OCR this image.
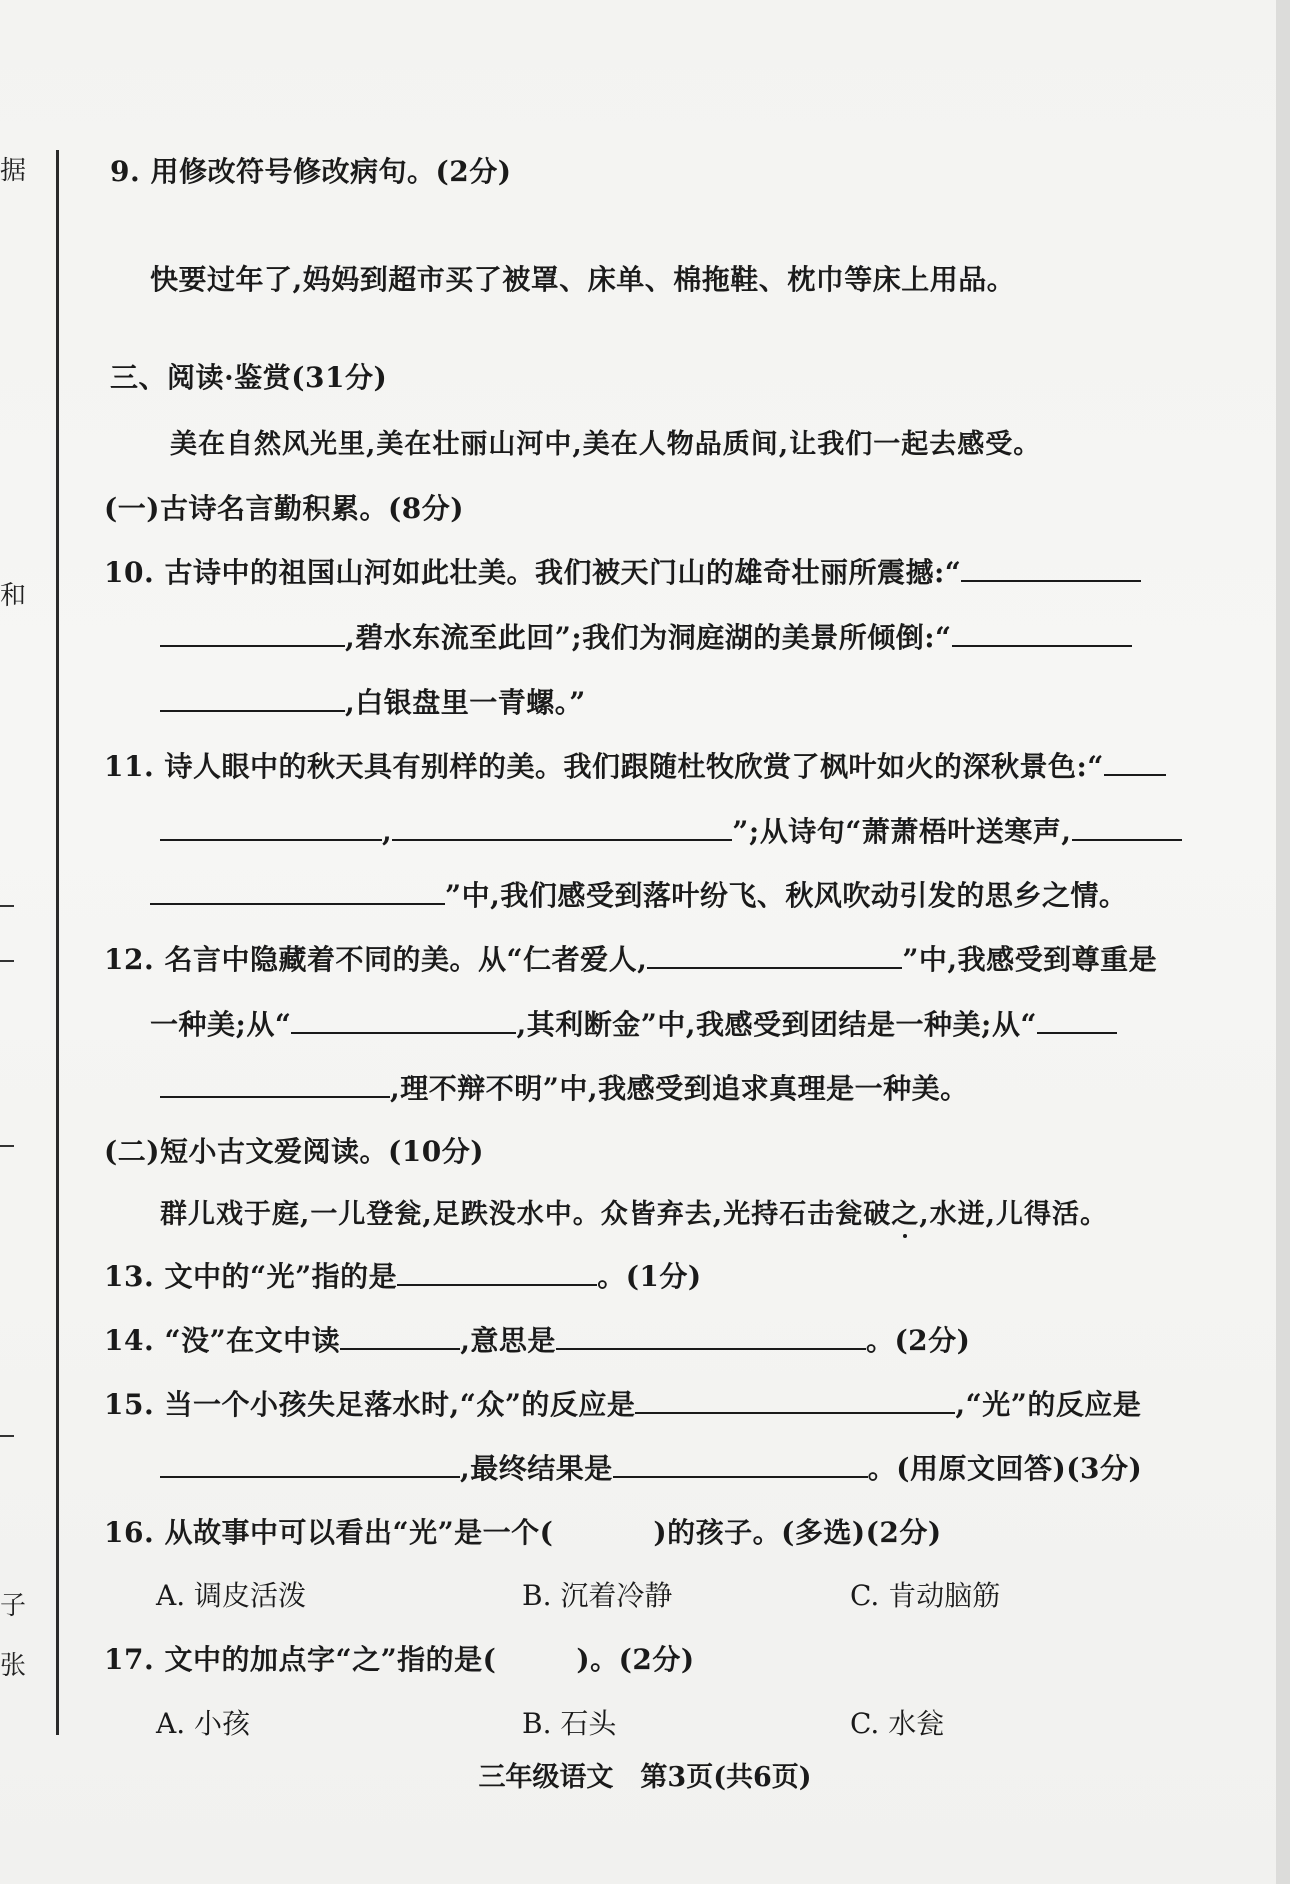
据
和
子
张
9. 用修改符号修改病句。(2分)
快要过年了,妈妈到超市买了被罩、床单、棉拖鞋、枕巾等床上用品。
三、阅读·鉴赏(31分)
美在自然风光里,美在壮丽山河中,美在人物品质间,让我们一起去感受。
(一)古诗名言勤积累。(8分)
10. 古诗中的祖国山河如此壮美。我们被天门山的雄奇壮丽所震撼:“
,碧水东流至此回”;我们为洞庭湖的美景所倾倒:“
,白银盘里一青螺。”
11. 诗人眼中的秋天具有别样的美。我们跟随杜牧欣赏了枫叶如火的深秋景色:“
,	”;从诗句“萧萧梧叶送寒声,
”中,我们感受到落叶纷飞、秋风吹动引发的思乡之情。
12. 名言中隐藏着不同的美。从“仁者爱人,	”中,我感受到尊重是
一种美;从“	,其利断金”中,我感受到团结是一种美;从“
,理不辩不明”中,我感受到追求真理是一种美。
(二)短小古文爱阅读。(10分)
群儿戏于庭,一儿登瓮,足跌没水中。众皆弃去,光持石击瓮破之,水迸,儿得活。
13. 文中的“光”指的是	。(1分)
14. “没”在文中读	,意思是	。(2分)
15. 当一个小孩失足落水时,“众”的反应是	,“光”的反应是
,最终结果是	。(用原文回答)(3分)
16. 从故事中可以看出“光”是一个(	)的孩子。(多选)(2分)
A. 调皮活泼	B. 沉着冷静	C. 肯动脑筋
17. 文中的加点字“之”指的是(	)。(2分)
A. 小孩	B. 石头	C. 水瓮
三年级语文　第3页(共6页)
